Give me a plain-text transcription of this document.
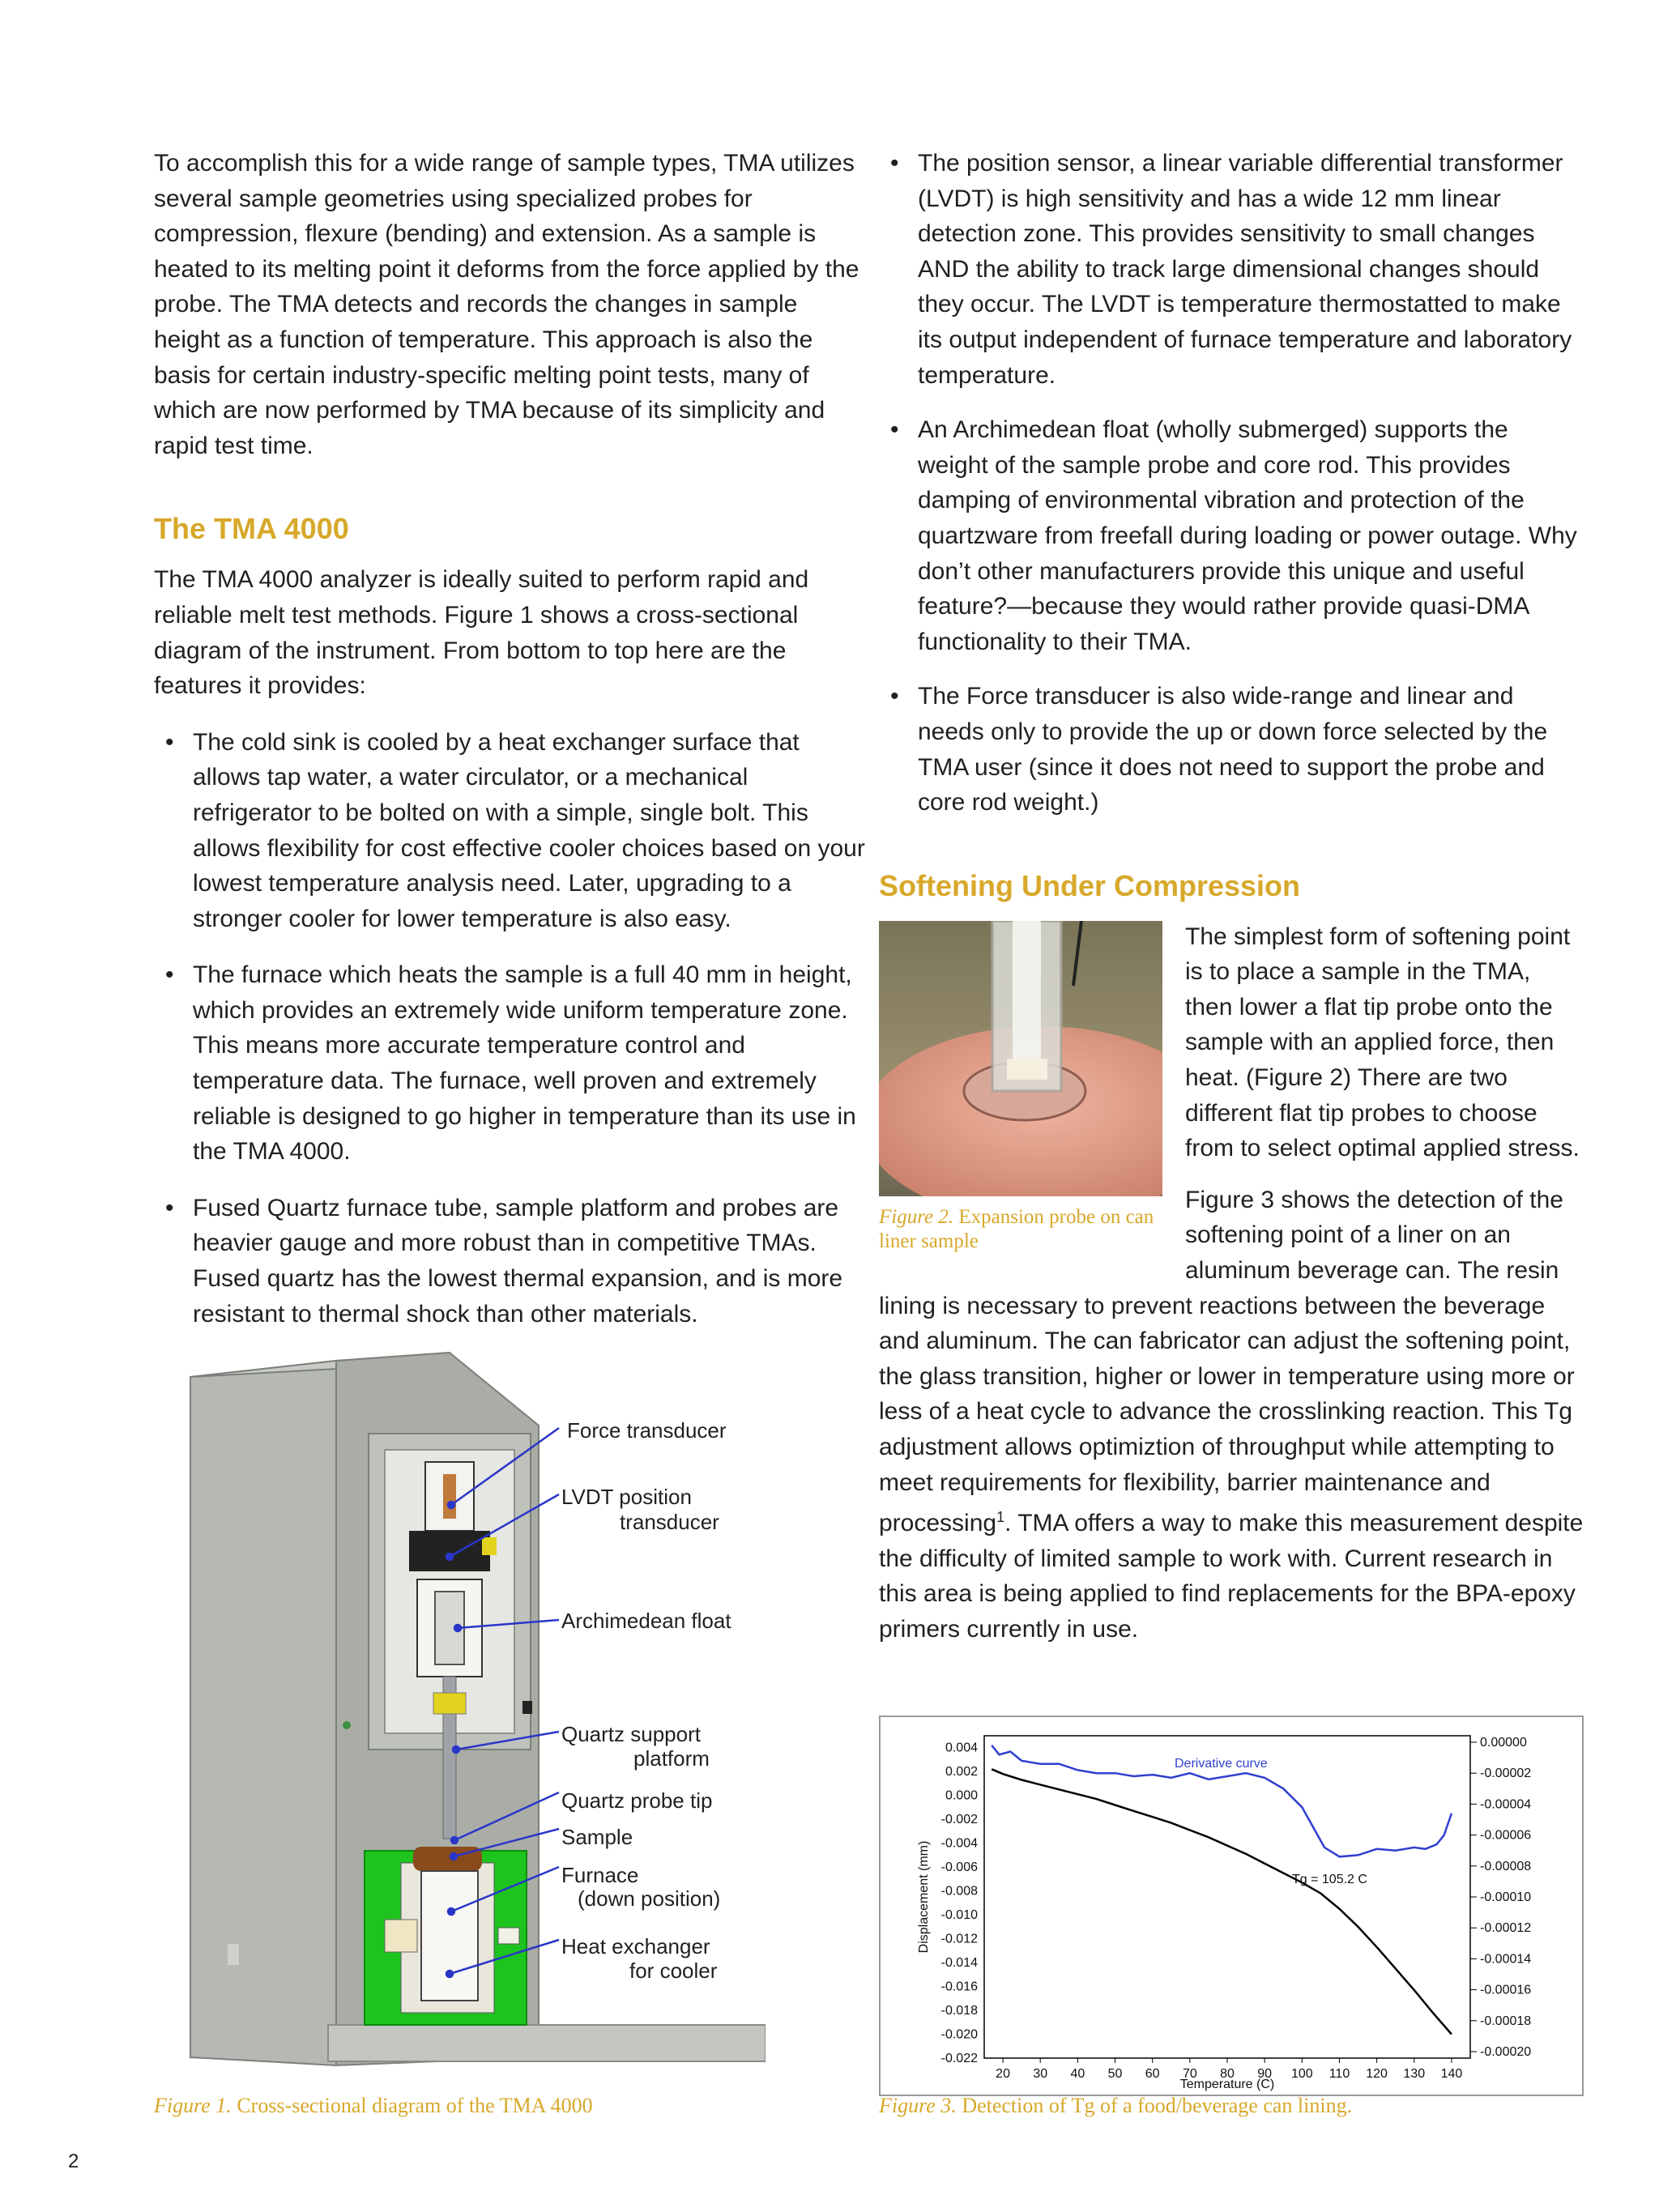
To accomplish this for a wide range of sample types, TMA utilizes several sample geometries using specialized probes for compression, flexure (bending) and extension. As a sample is heated to its melting point it deforms from the force applied by the probe. The TMA detects and records the changes in sample height as a function of temperature. This approach is also the basis for certain industry-specific melting point tests, many of which are now performed by TMA because of its simplicity and rapid test time.

The TMA 4000

The TMA 4000 analyzer is ideally suited to perform rapid and reliable melt test methods. Figure 1 shows a cross-sectional diagram of the instrument. From bottom to top here are the features it provides:

• The cold sink is cooled by a heat exchanger surface that allows tap water, a water circulator, or a mechanical refrigerator to be bolted on with a simple, single bolt. This allows flexibility for cost effective cooler choices based on your lowest temperature analysis need. Later, upgrading to a stronger cooler for lower temperature is also easy.
• The furnace which heats the sample is a full 40 mm in height, which provides an extremely wide uniform temperature zone. This means more accurate temperature control and temperature data. The furnace, well proven and extremely reliable is designed to go higher in temperature than its use in the TMA 4000.
• Fused Quartz furnace tube, sample platform and probes are heavier gauge and more robust than in competitive TMAs. Fused quartz has the lowest thermal expansion, and is more resistant to thermal shock than other materials.
Force transducer
LVDT position
transducer
Archimedean float
Quartz support
platform
Quartz probe tip
Sample
Furnace
(down position)
Heat exchanger
for cooler
Figure 1. Cross-sectional diagram of the TMA 4000
• The position sensor, a linear variable differential transformer (LVDT) is high sensitivity and has a wide 12 mm linear detection zone. This provides sensitivity to small changes AND the ability to track large dimensional changes should they occur. The LVDT is temperature thermostatted to make its output independent of furnace temperature and laboratory temperature.
• An Archimedean float (wholly submerged) supports the weight of the sample probe and core rod. This provides damping of environmental vibration and protection of the quartzware from freefall during loading or power outage. Why don’t other manufacturers provide this unique and useful feature?—because they would rather provide quasi-DMA functionality to their TMA.
• The Force transducer is also wide-range and linear and needs only to provide the up or down force selected by the TMA user (since it does not need to support the probe and core rod weight.)
Softening Under Compression
Figure 2. Expansion probe on can liner sample

The simplest form of softening point is to place a sample in the TMA, then lower a flat tip probe onto the sample with an applied force, then heat. (Figure 2) There are two different flat tip probes to choose from to select optimal applied stress.

Figure 3 shows the detection of the softening point of a liner on an aluminum beverage can. The resin lining is necessary to prevent reactions between the beverage and aluminum. The can fabricator can adjust the softening point, the glass transition, higher or lower in temperature using more or less of a heat cycle to advance the crosslinking reaction. This Tg adjustment allows optimiztion of throughput while attempting to meet requirements for flexibility, barrier maintenance and processing$^1$. TMA offers a way to make this measurement despite the difficulty of limited sample to work with. Current research in this area is being applied to find replacements for the BPA-epoxy primers currently in use.

0.004
0.002
0.000
-0.002
-0.004
-0.006
-0.008
-0.010
-0.012
-0.014
-0.016
-0.018
-0.020
-0.022
0.00000
-0.00002
-0.00004
-0.00006
-0.00008
-0.00010
-0.00012
-0.00014
-0.00016
-0.00018
-0.00020
20 30 40 50 60 70 80 90 100 110 120 130 140
Derivative curve
Tg = 105.2 C
Temperature (C)
Displacement (mm)
Figure 3. Detection of Tg of a food/beverage can lining.
2
